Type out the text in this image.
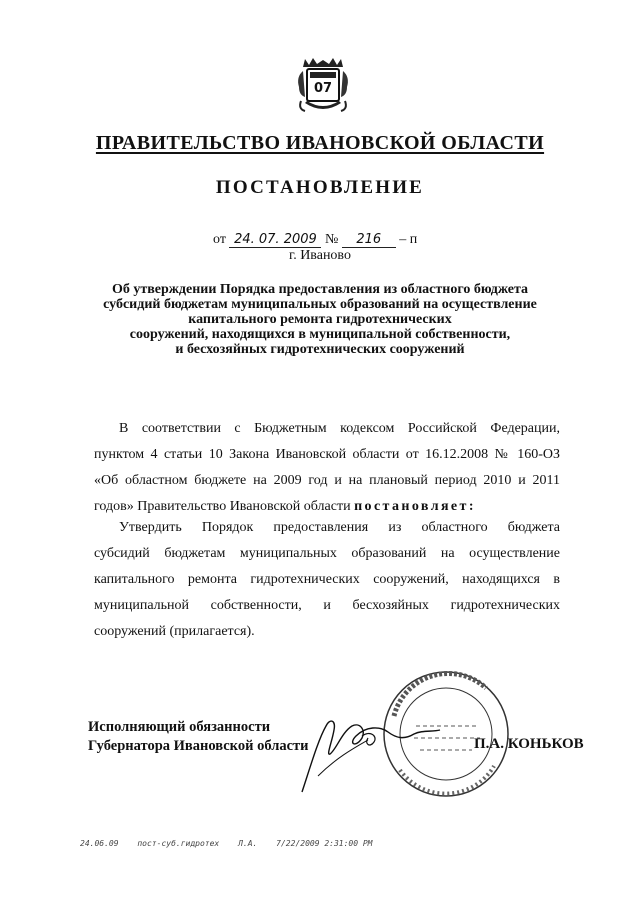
07
ПРАВИТЕЛЬСТВО ИВАНОВСКОЙ ОБЛАСТИ
ПОСТАНОВЛЕНИЕ
от 24. 07. 2009 № 216 – п
г. Иваново
Об утверждении Порядка предоставления из областного бюджета
субсидий бюджетам муниципальных образований на осуществление
капитального ремонта гидротехнических
сооружений, находящихся в муниципальной собственности,
и бесхозяйных гидротехнических сооружений
В соответствии с Бюджетным кодексом Российской Федерации,
пунктом 4 статьи 10 Закона Ивановской области от 16.12.2008 № 160-ОЗ
«Об областном бюджете на 2009 год и на плановый период 2010 и 2011
годов» Правительство Ивановской области постановляет:
Утвердить Порядок предоставления из областного бюджета
субсидий бюджетам муниципальных образований на осуществление
капитального ремонта гидротехнических сооружений, находящихся в
муниципальной собственности, и бесхозяйных гидротехнических
сооружений (прилагается).
Исполняющий обязанности
Губернатора Ивановской области	П.А. КОНЬКОВ
24.06.09 пост-суб.гидротех Л.А. 7/22/2009 2:31:00 PM
